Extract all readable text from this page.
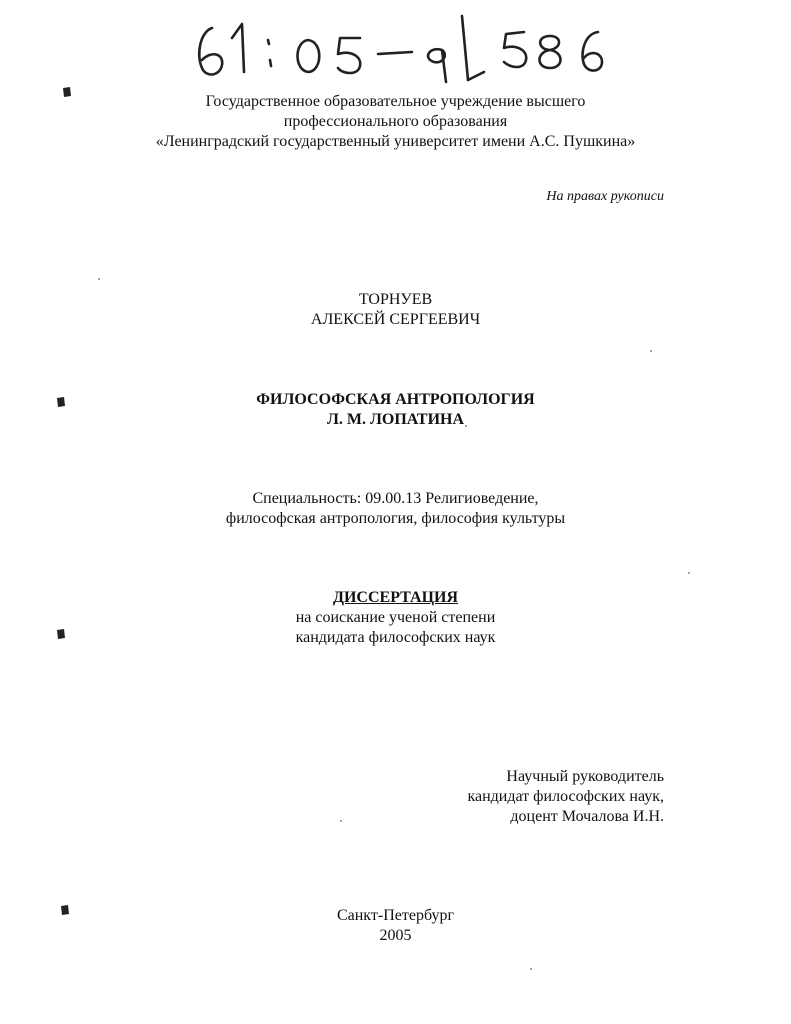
Государственное образовательное учреждение высшего
профессионального образования
«Ленинградский государственный университет имени А.С. Пушкина»
На правах рукописи
ТОРНУЕВ
АЛЕКСЕЙ СЕРГЕЕВИЧ
ФИЛОСОФСКАЯ АНТРОПОЛОГИЯ
Л. М. ЛОПАТИНА
Специальность: 09.00.13 Религиоведение,
философская антропология, философия культуры
ДИССЕРТАЦИЯ
на соискание ученой степени
кандидата философских наук
Научный руководитель
кандидат философских наук,
доцент Мочалова И.Н.
Санкт-Петербург
2005
